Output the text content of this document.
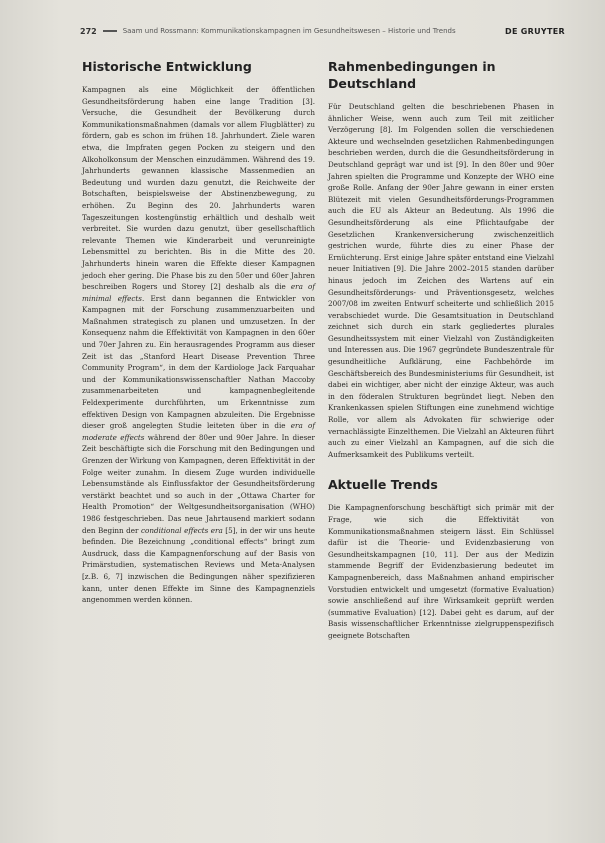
272	Saam und Rossmann: Kommunikationskampagnen im Gesundheitswesen – Historie und Trends	DE GRUYTER
Historische Entwicklung

Kampagnen als eine Möglichkeit der öffentlichen Gesundheitsförderung haben eine lange Tradition [3]. Versuche, die Gesundheit der Bevölkerung durch Kommunikationsmaßnahmen (damals vor allem Flugblätter) zu fördern, gab es schon im frühen 18. Jahrhundert. Ziele waren etwa, die Impfraten gegen Pocken zu steigern und den Alkoholkonsum der Menschen einzudämmen. Während des 19. Jahrhunderts gewannen klassische Massenmedien an Bedeutung und wurden dazu genutzt, die Reichweite der Botschaften, beispielsweise der Abstinenzbewegung, zu erhöhen. Zu Beginn des 20. Jahrhunderts waren Tageszeitungen kostengünstig erhältlich und deshalb weit verbreitet. Sie wurden dazu genutzt, über gesellschaftlich relevante Themen wie Kinderarbeit und verunreinigte Lebensmittel zu berichten. Bis in die Mitte des 20. Jahrhunderts hinein waren die Effekte dieser Kampagnen jedoch eher gering. Die Phase bis zu den 50er und 60er Jahren beschreiben Rogers und Storey [2] deshalb als die era of minimal effects. Erst dann begannen die Entwickler von Kampagnen mit der Forschung zusammenzuarbeiten und Maßnahmen strategisch zu planen und umzusetzen. In der Konsequenz nahm die Effektivität von Kampagnen in den 60er und 70er Jahren zu. Ein herausragendes Programm aus dieser Zeit ist das „Stanford Heart Disease Prevention Three Community Program“, in dem der Kardiologe Jack Farquahar und der Kommunikationswissenschaftler Nathan Maccoby zusammenarbeiteten und kampagnenbegleitende Feldexperimente durchführten, um Erkenntnisse zum effektiven Design von Kampagnen abzuleiten. Die Ergebnisse dieser groß angelegten Studie leiteten über in die era of moderate effects während der 80er und 90er Jahre. In dieser Zeit beschäftigte sich die Forschung mit den Bedingungen und Grenzen der Wirkung von Kampagnen, deren Effektivität in der Folge weiter zunahm. In diesem Zuge wurden individuelle Lebensumstände als Einflussfaktor der Gesundheitsförderung verstärkt beachtet und so auch in der „Ottawa Charter for Health Promotion“ der Weltgesundheitsorganisation (WHO) 1986 festgeschrieben. Das neue Jahrtausend markiert sodann den Beginn der conditional effects era [5], in der wir uns heute befinden. Die Bezeichnung „conditional effects“ bringt zum Ausdruck, dass die Kampagnenforschung auf der Basis von Primärstudien, systematischen Reviews und Meta-Analysen [z.B. 6, 7] inzwischen die Bedingungen näher spezifizieren kann, unter denen Effekte im Sinne des Kampagnenziels angenommen werden können.

Rahmenbedingungen in Deutschland

Für Deutschland gelten die beschriebenen Phasen in ähnlicher Weise, wenn auch zum Teil mit zeitlicher Verzögerung [8]. Im Folgenden sollen die verschiedenen Akteure und wechselnden gesetzlichen Rahmenbedingungen beschrieben werden, durch die die Gesundheitsförderung in Deutschland geprägt war und ist [9]. In den 80er und 90er Jahren spielten die Programme und Konzepte der WHO eine große Rolle. Anfang der 90er Jahre gewann in einer ersten Blütezeit mit vielen Gesundheitsförderungs-Programmen auch die EU als Akteur an Bedeutung. Als 1996 die Gesundheitsförderung als eine Pflichtaufgabe der Gesetzlichen Krankenversicherung zwischenzeitlich gestrichen wurde, führte dies zu einer Phase der Ernüchterung. Erst einige Jahre später entstand eine Vielzahl neuer Initiativen [9]. Die Jahre 2002–2015 standen darüber hinaus jedoch im Zeichen des Wartens auf ein Gesundheitsförderungs- und Präventionsgesetz, welches 2007/08 im zweiten Entwurf scheiterte und schließlich 2015 verabschiedet wurde. Die Gesamtsituation in Deutschland zeichnet sich durch ein stark gegliedertes plurales Gesundheitssystem mit einer Vielzahl von Zuständigkeiten und Interessen aus. Die 1967 gegründete Bundeszentrale für gesundheitliche Aufklärung, eine Fachbehörde im Geschäftsbereich des Bundesministeriums für Gesundheit, ist dabei ein wichtiger, aber nicht der einzige Akteur, was auch in den föderalen Strukturen begründet liegt. Neben den Krankenkassen spielen Stiftungen eine zunehmend wichtige Rolle, vor allem als Advokaten für schwierige oder vernachlässigte Einzelthemen. Die Vielzahl an Akteuren führt auch zu einer Vielzahl an Kampagnen, auf die sich die Aufmerksamkeit des Publikums verteilt.

Aktuelle Trends

Die Kampagnenforschung beschäftigt sich primär mit der Frage, wie sich die Effektivität von Kommunikationsmaßnahmen steigern lässt. Ein Schlüssel dafür ist die Theorie- und Evidenzbasierung von Gesundheitskampagnen [10, 11]. Der aus der Medizin stammende Begriff der Evidenzbasierung bedeutet im Kampagnenbereich, dass Maßnahmen anhand empirischer Vorstudien entwickelt und umgesetzt (formative Evaluation) sowie anschließend auf ihre Wirksamkeit geprüft werden (summative Evaluation) [12]. Dabei geht es darum, auf der Basis wissenschaftlicher Erkenntnisse zielgruppenspezifisch geeignete Botschaften
